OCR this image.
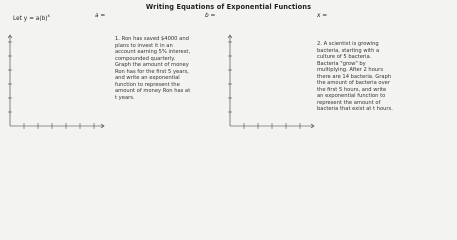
Writing Equations of Exponential Functions
Let $y = a(b)^x$	a =	b =	x =
1. Ron has saved $4000 and
plans to invest it in an
account earning 5% interest,
compounded quarterly.
Graph the amount of money
Ron has for the first 5 years,
and write an exponential
function to represent the
amount of money Ron has at
t years.
2. A scientist is growing
bacteria, starting with a
culture of 5 bacteria.
Bacteria "grow" by
multiplying. After 2 hours
there are 14 bacteria. Graph
the amount of bacteria over
the first 5 hours, and write
an exponential function to
represent the amount of
bacteria that exist at t hours.
